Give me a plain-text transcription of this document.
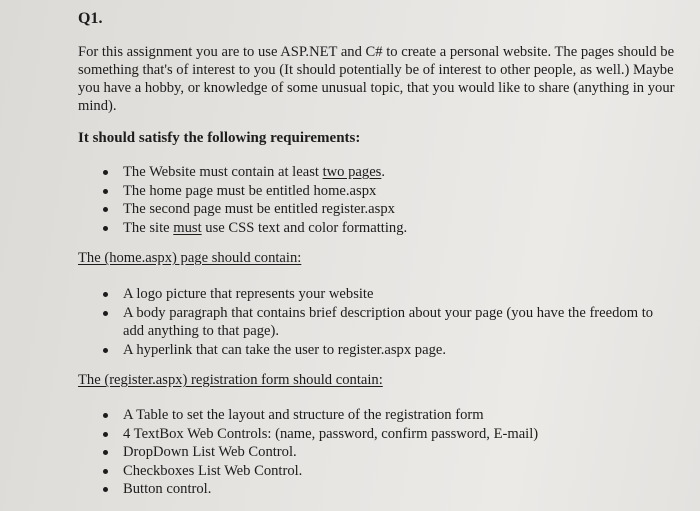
Q1.

For this assignment you are to use ASP.NET and C# to create a personal website. The pages should be something that's of interest to you (It should potentially be of interest to other people, as well.) Maybe you have a hobby, or knowledge of some unusual topic, that you would like to share (anything in your mind).

It should satisfy the following requirements:
The Website must contain at least two pages.
The home page must be entitled home.aspx
The second page must be entitled register.aspx
The site must use CSS text and color formatting.

The (home.aspx) page should contain:

A logo picture that represents your website
A body paragraph that contains brief description about your page (you have the freedom to add anything to that page).
A hyperlink that can take the user to register.aspx page.

The (register.aspx) registration form should contain:

A Table to set the layout and structure of the registration form
4 TextBox Web Controls: (name, password, confirm password, E-mail)
DropDown List Web Control.
Checkboxes List Web Control.
Button control.
